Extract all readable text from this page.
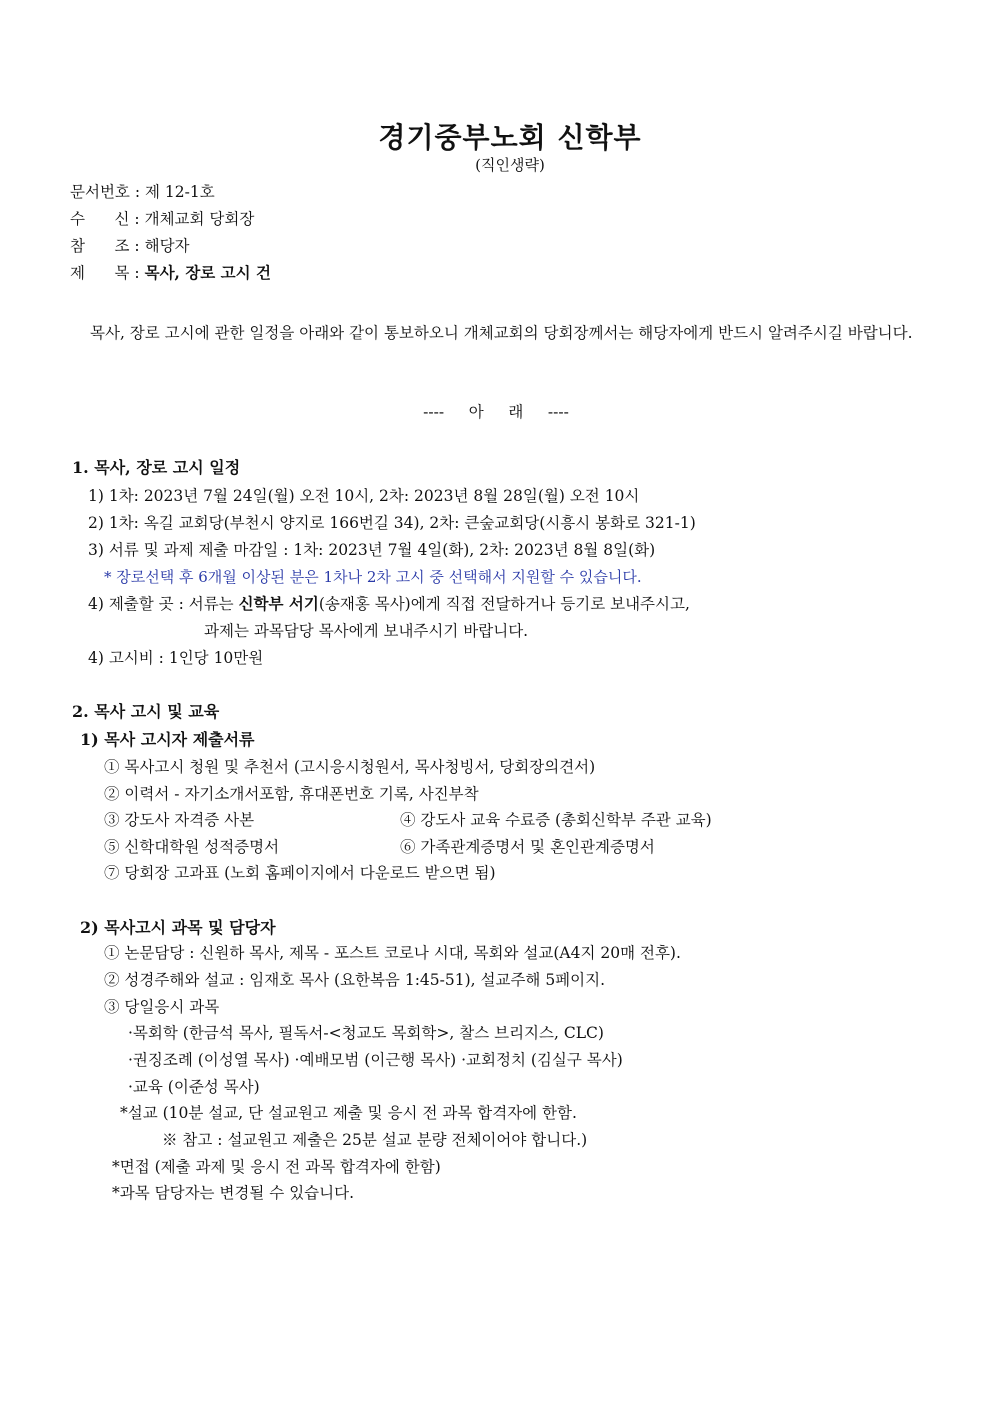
경기중부노회 신학부
(직인생략)
문서번호 : 제 12-1호
수      신 : 개체교회 당회장
참      조 : 해당자
제      목 : 목사, 장로 고시 건
목사, 장로 고시에 관한 일정을 아래와 같이 통보하오니 개체교회의 당회장께서는 해당자에게 반드시 알려주시길 바랍니다.
----     아     래     ----
1. 목사, 장로 고시 일정
1) 1차: 2023년 7월 24일(월) 오전 10시, 2차: 2023년 8월 28일(월) 오전 10시
2) 1차: 옥길 교회당(부천시 양지로 166번길 34), 2차: 큰숲교회당(시흥시 봉화로 321-1)
3) 서류 및 과제 제출 마감일 : 1차: 2023년 7월 4일(화), 2차: 2023년 8월 8일(화)
* 장로선택 후 6개월 이상된 분은 1차나 2차 고시 중 선택해서 지원할 수 있습니다.
4) 제출할 곳 : 서류는 신학부 서기(송재홍 목사)에게 직접 전달하거나 등기로 보내주시고,
과제는 과목담당 목사에게 보내주시기 바랍니다.
4) 고시비 : 1인당 10만원
2. 목사 고시 및 교육
1) 목사 고시자 제출서류
① 목사고시 청원 및 추천서 (고시응시청원서, 목사청빙서, 당회장의견서)
② 이력서 - 자기소개서포함, 휴대폰번호 기록, 사진부착
③ 강도사 자격증 사본	④ 강도사 교육 수료증 (총회신학부 주관 교육)
⑤ 신학대학원 성적증명서	⑥ 가족관계증명서 및 혼인관계증명서
⑦ 당회장 고과표 (노회 홈페이지에서 다운로드 받으면 됨)
2) 목사고시 과목 및 담당자
① 논문담당 : 신원하 목사, 제목 - 포스트 코로나 시대, 목회와 설교(A4지 20매 전후).
② 성경주해와 설교 : 임재호 목사 (요한복음 1:45-51), 설교주해 5페이지.
③ 당일응시 과목
·목회학 (한금석 목사, 필독서-<청교도 목회학>, 찰스 브리지스, CLC)
·권징조례 (이성열 목사) ·예배모범 (이근행 목사) ·교회정치 (김실구 목사)
·교육 (이준성 목사)
*설교 (10분 설교, 단 설교원고 제출 및 응시 전 과목 합격자에 한함.
※ 참고 : 설교원고 제출은 25분 설교 분량 전체이어야 합니다.)
*면접 (제출 과제 및 응시 전 과목 합격자에 한함)
*과목 담당자는 변경될 수 있습니다.
